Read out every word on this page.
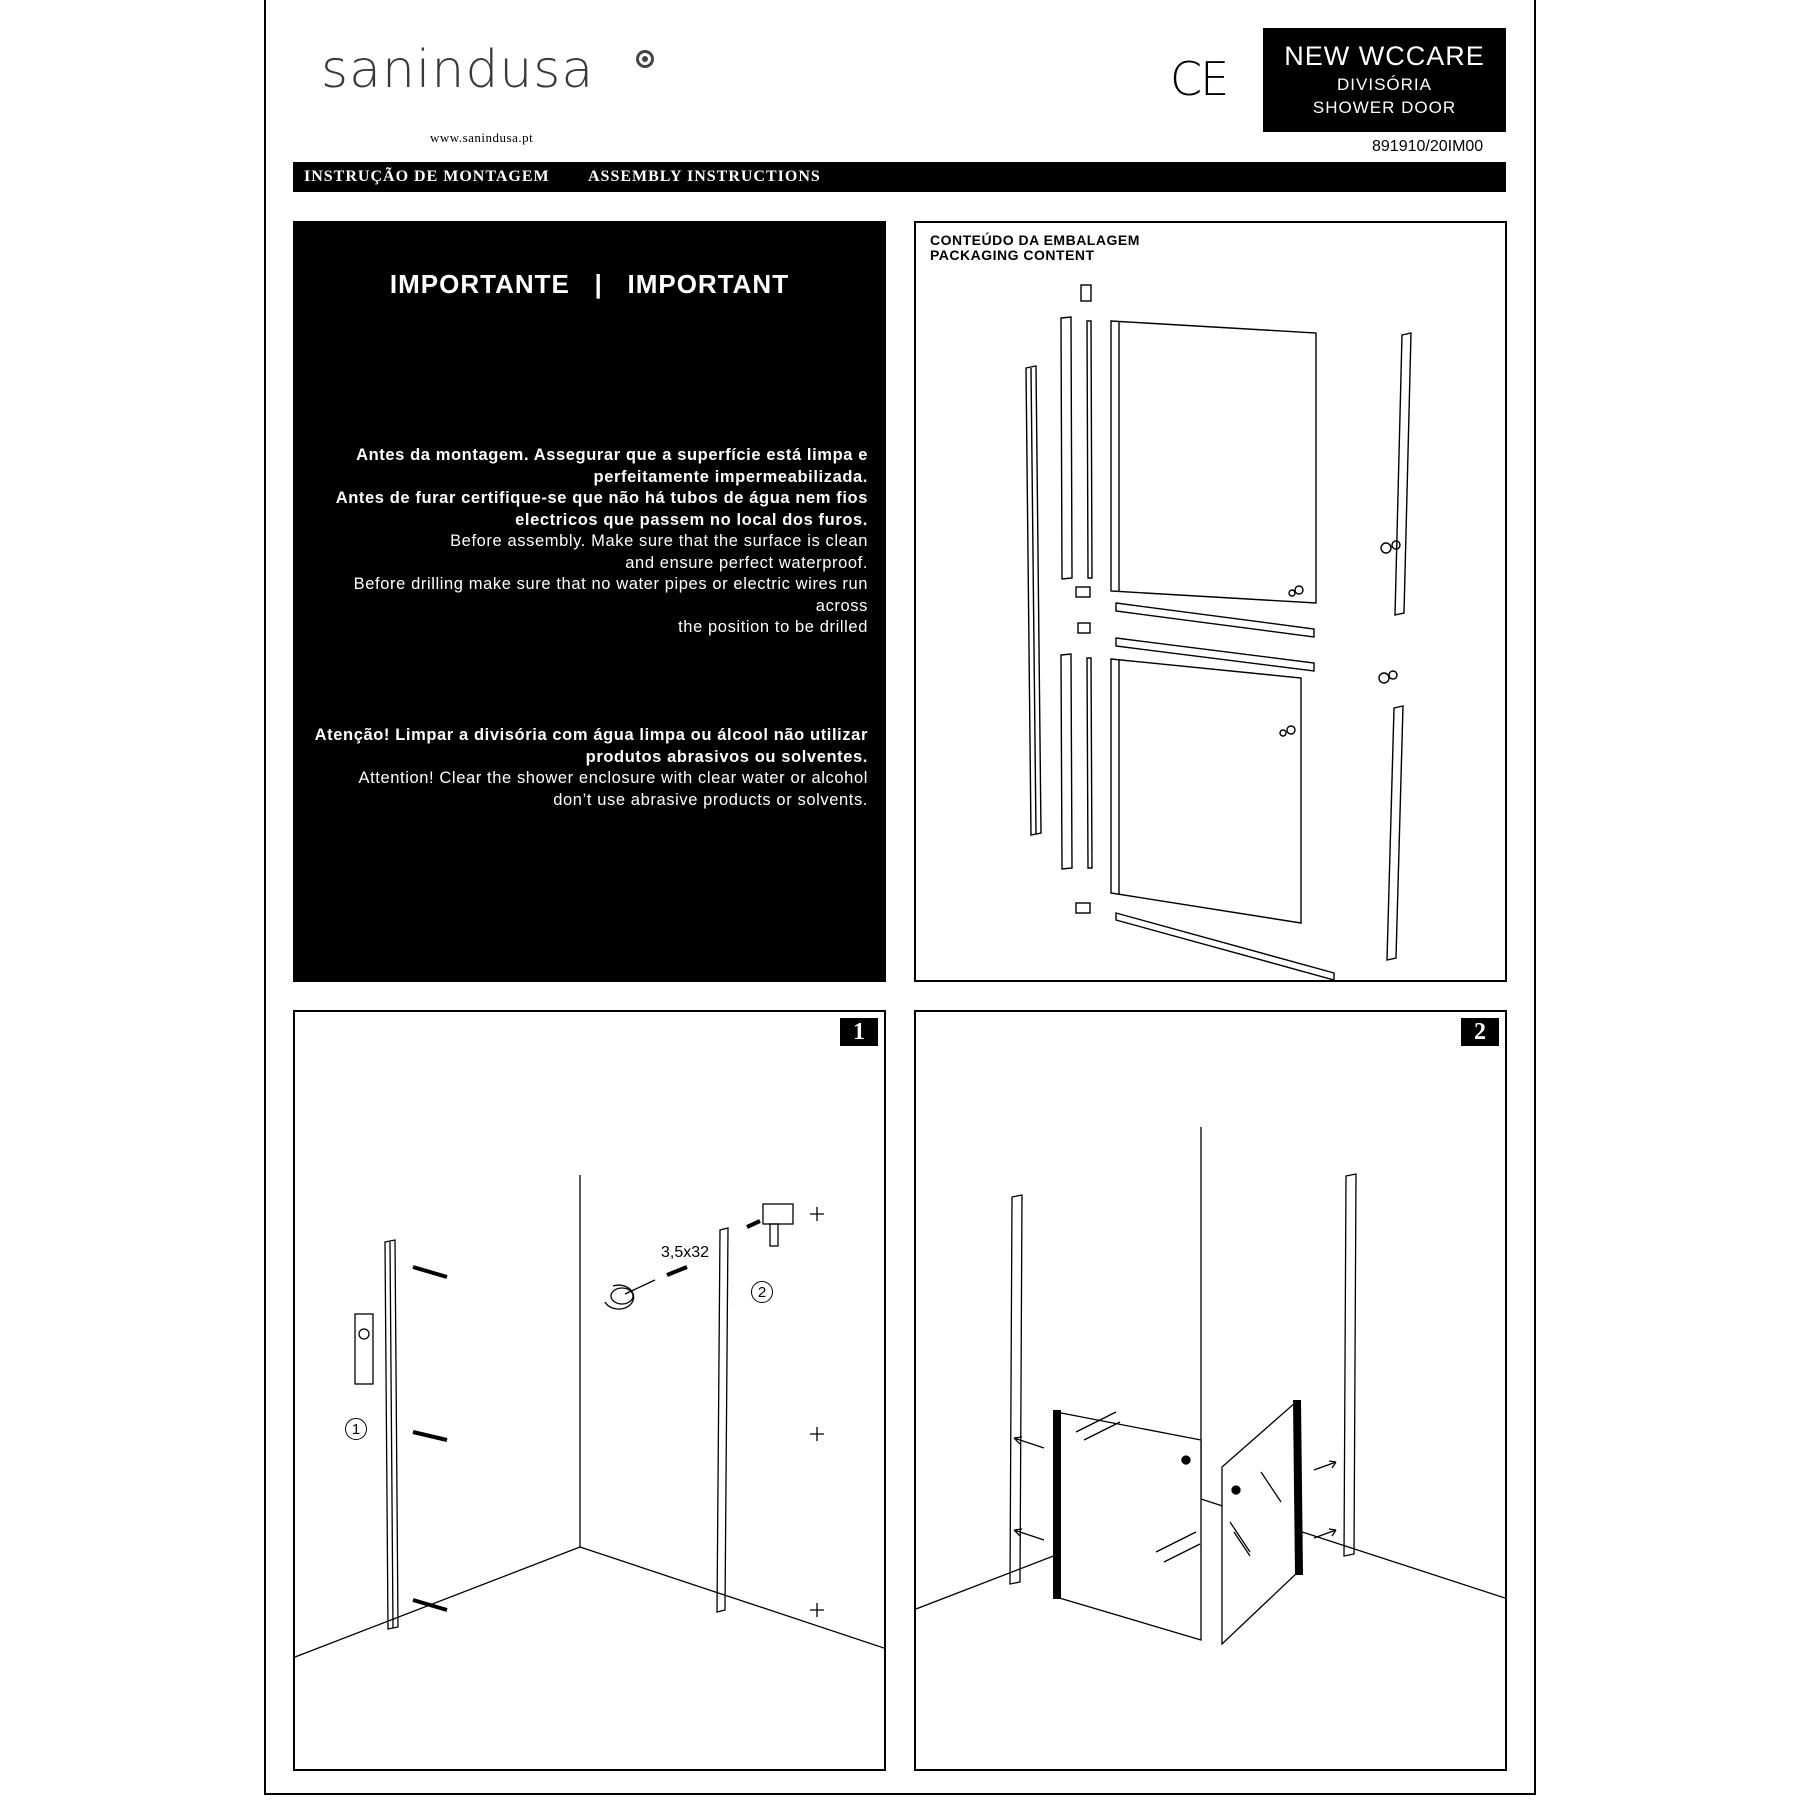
sanindusa
www.sanindusa.pt
CE	NEW WCCARE
DIVISÓRIA
SHOWER DOOR
891910/20IM00
INSTRUÇÃO DE MONTAGEM ASSEMBLY INSTRUCTIONS
IMPORTANTE   |   IMPORTANT
Antes da montagem. Assegurar que a superfície está limpa e
perfeitamente impermeabilizada.
Antes de furar certifique-se que não há tubos de água nem fios
electricos que passem no local dos furos.
Before assembly. Make sure that the surface is clean
and ensure perfect waterproof.
Before drilling make sure that no water pipes or electric wires run across
the position to be drilled
Atenção! Limpar a divisória com água limpa ou álcool não utilizar
produtos abrasivos ou solventes.
Attention! Clear the shower enclosure with clear water or alcohol
don’t use abrasive products or solvents.
CONTEÚDO DA EMBALAGEM
PACKAGING CONTENT
1
3,5x32
1
2
2
